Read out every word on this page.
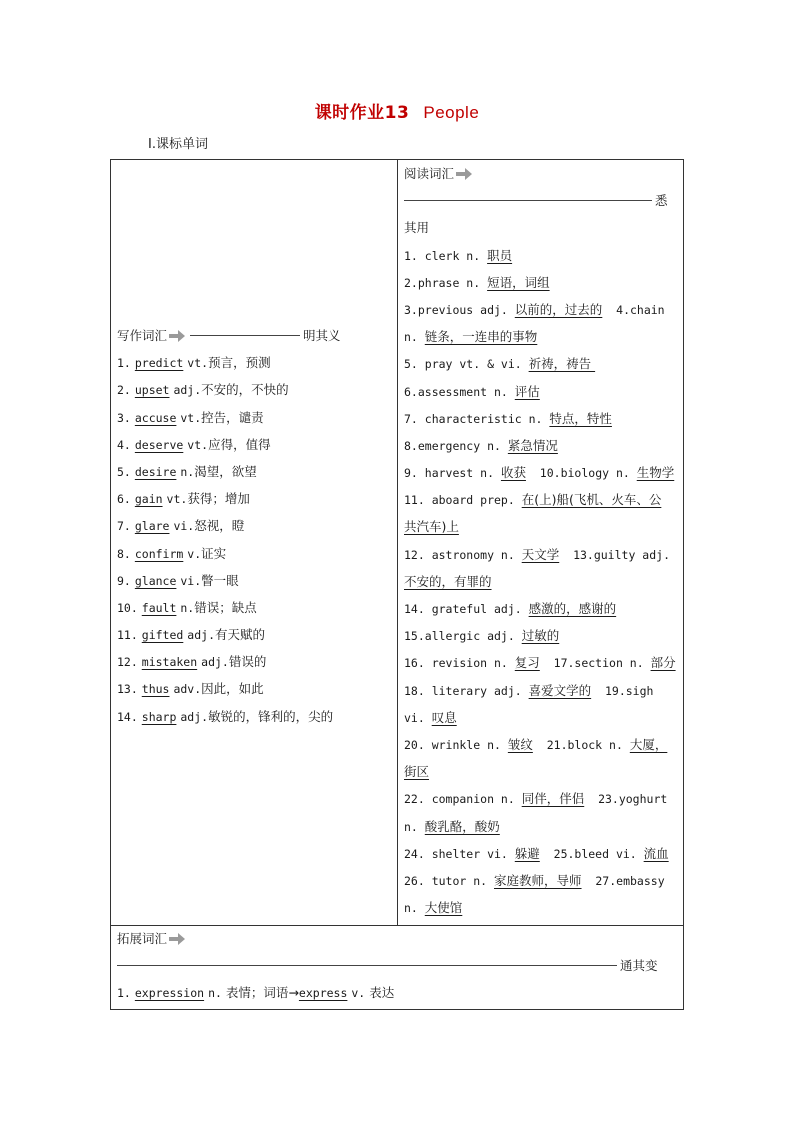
课时作业13 People
Ⅰ.课标单词
写作词汇	明其义
1. predict vt.预言，预测
2. upset adj.不安的，不快的
3. accuse vt.控告，谴责
4. deserve vt.应得，值得
5. desire n.渴望，欲望
6. gain vt.获得；增加
7. glare vi.怒视，瞪
8. confirm v.证实
9. glance vi.瞥一眼
10. fault n.错误；缺点
11. gifted adj.有天赋的
12. mistaken adj.错误的
13. thus adv.因此，如此
14. sharp adj.敏锐的，锋利的，尖的
阅读词汇
悉
其用
1. clerk n. 职员
2.phrase n. 短语，词组
3.previous adj. 以前的，过去的  4.chain
n. 链条，一连串的事物
5. pray vt. & vi. 祈祷，祷告
6.assessment n. 评估
7. characteristic n. 特点，特性
8.emergency n. 紧急情况
9. harvest n. 收获  10.biology n. 生物学
11. aboard prep. 在(上)船(飞机、火车、公
共汽车)上
12. astronomy n. 天文学  13.guilty adj.
不安的，有罪的
14. grateful adj. 感激的，感谢的
15.allergic adj. 过敏的
16. revision n. 复习  17.section n. 部分
18. literary adj. 喜爱文学的  19.sigh
vi. 叹息
20. wrinkle n. 皱纹  21.block n. 大厦，
街区
22. companion n. 同伴，伴侣  23.yoghurt
n. 酸乳酪，酸奶
24. shelter vi. 躲避  25.bleed vi. 流血
26. tutor n. 家庭教师，导师  27.embassy
n. 大使馆
拓展词汇
通其变
1. expression n. 表情；词语→express v. 表达
